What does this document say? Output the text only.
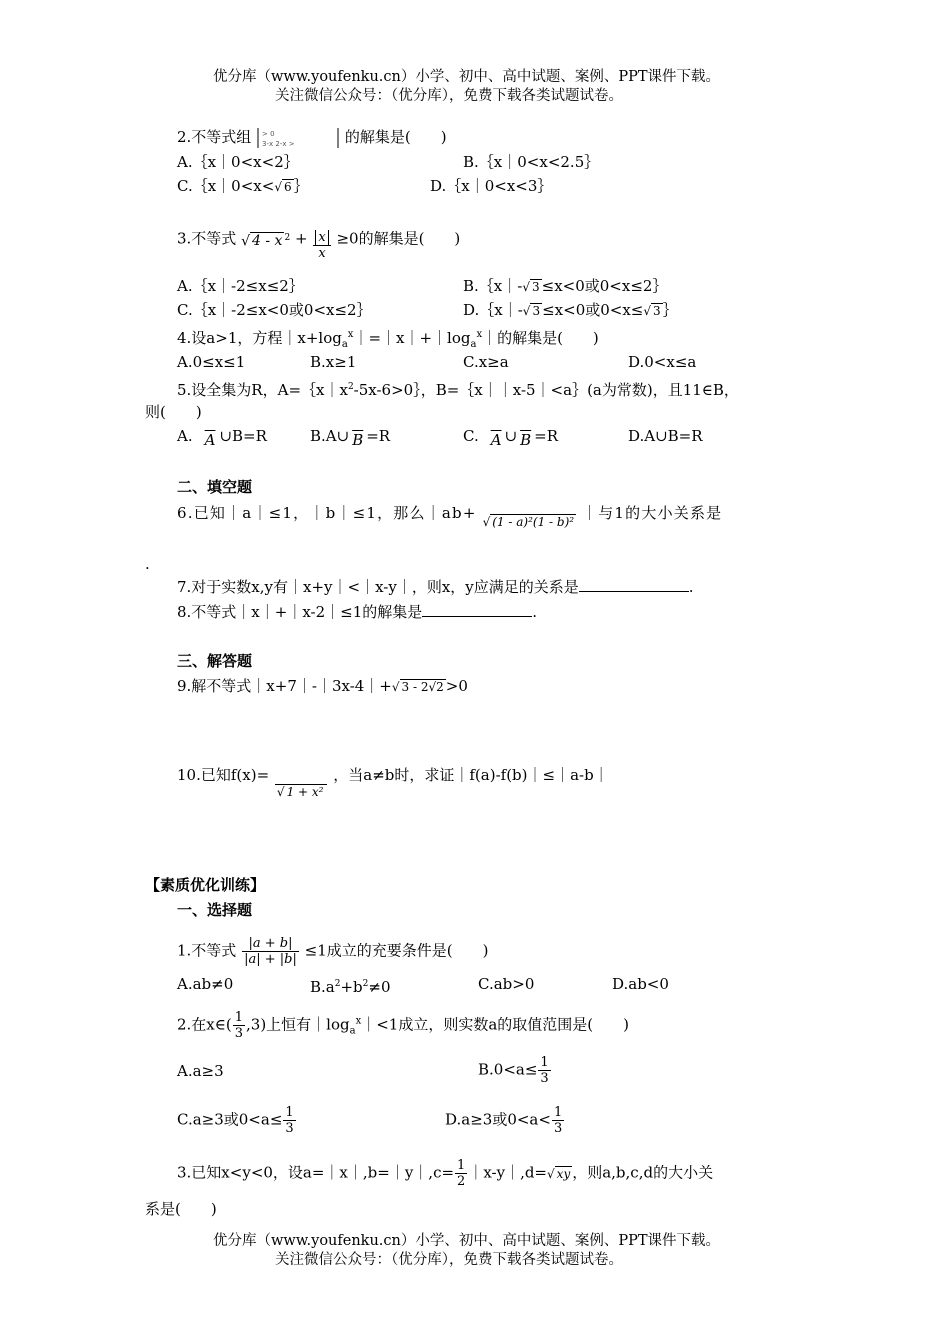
优分库（www.youfenku.cn）小学、初中、高中试题、案例、PPT课件下载。
关注微信公众号：（优分库），免费下载各类试题试卷。
2.不等式组 > 0
3-x 2-x >	的解集是(　　)
A.｛x｜0<x<2｝	B.｛x｜0<x<2.5｝
C.｛x｜0<x<√ 6 ｝	D.｛x｜0<x<3｝
3.不等式 √ 4 - x $^2 + \frac{x}{x} \ge 0$的解集是(　　)
A.｛x｜-2≤x≤2｝	B.｛x｜-√ 3 ≤x<0或0<x≤2｝
C.｛x｜-2≤x<0或0<x≤2｝	D.｛x｜-√ 3 ≤x<0或0<x≤√ 3 ｝
4.设a>1，方程$|x+\log_a^x|=|x|+|\log_a^x|$的解集是(　　)
A.0≤x≤1	B.x≥1	C.x≥a	D.0<x≤a
5.设全集为R，$A=\{x|x^2-5x-6>0\}$，B=｛x｜｜x-5｜<a｝(a为常数)，且11∈B，
则(　　)
A. $\overline{A}$ ∪B=R	B.A∪ $\overline{B} =R$	C. $\overline{A}$ ∪ $\overline{B} =R$	D.A∪B=R
二、填空题
6.已知｜a｜≤1，｜b｜≤1，那么｜ab+ √ (1 - a)²(1 - b)² ｜与1的大小关系是
.
7.对于实数x,y有｜x+y｜<｜x-y｜，则x，y应满足的关系是	.
8.不等式｜x｜+｜x-2｜≤1的解集是	.
三、解答题
9.解不等式｜x+7｜-｜3x-4｜+√ 3 - 2√2 >0
10.已知f(x)=
√ 1 + x²
，当a≠b时，求证｜f(a)-f(b)｜≤｜a-b｜
【素质优化训练】
一、选择题
1.不等式 $\frac{|a + b|}{|a| + |b|} \le 1$成立的充要条件是(　　)
A.ab≠0	$B.a^2+b^2\ne 0$	C.ab>0	D.ab<0
2.在x∈( $\frac{1}{3} ,3$)上恒有$|\log_a^x|<1$成立，则实数a的取值范围是(　　)
A.a≥3	$B.0<a\le \frac{1}{3}$
C.a≥3或$0<a\le \frac{1}{3}$	D.a≥3或$0<a< \frac{1}{3}$
3.已知x<y<0，设a=｜x｜,b=｜y｜,c= $\frac{1}{2}$ ｜x-y｜,d=√ xy ，则a,b,c,d的大小关
系是(　　)
优分库（www.youfenku.cn）小学、初中、高中试题、案例、PPT课件下载。
关注微信公众号：（优分库），免费下载各类试题试卷。
